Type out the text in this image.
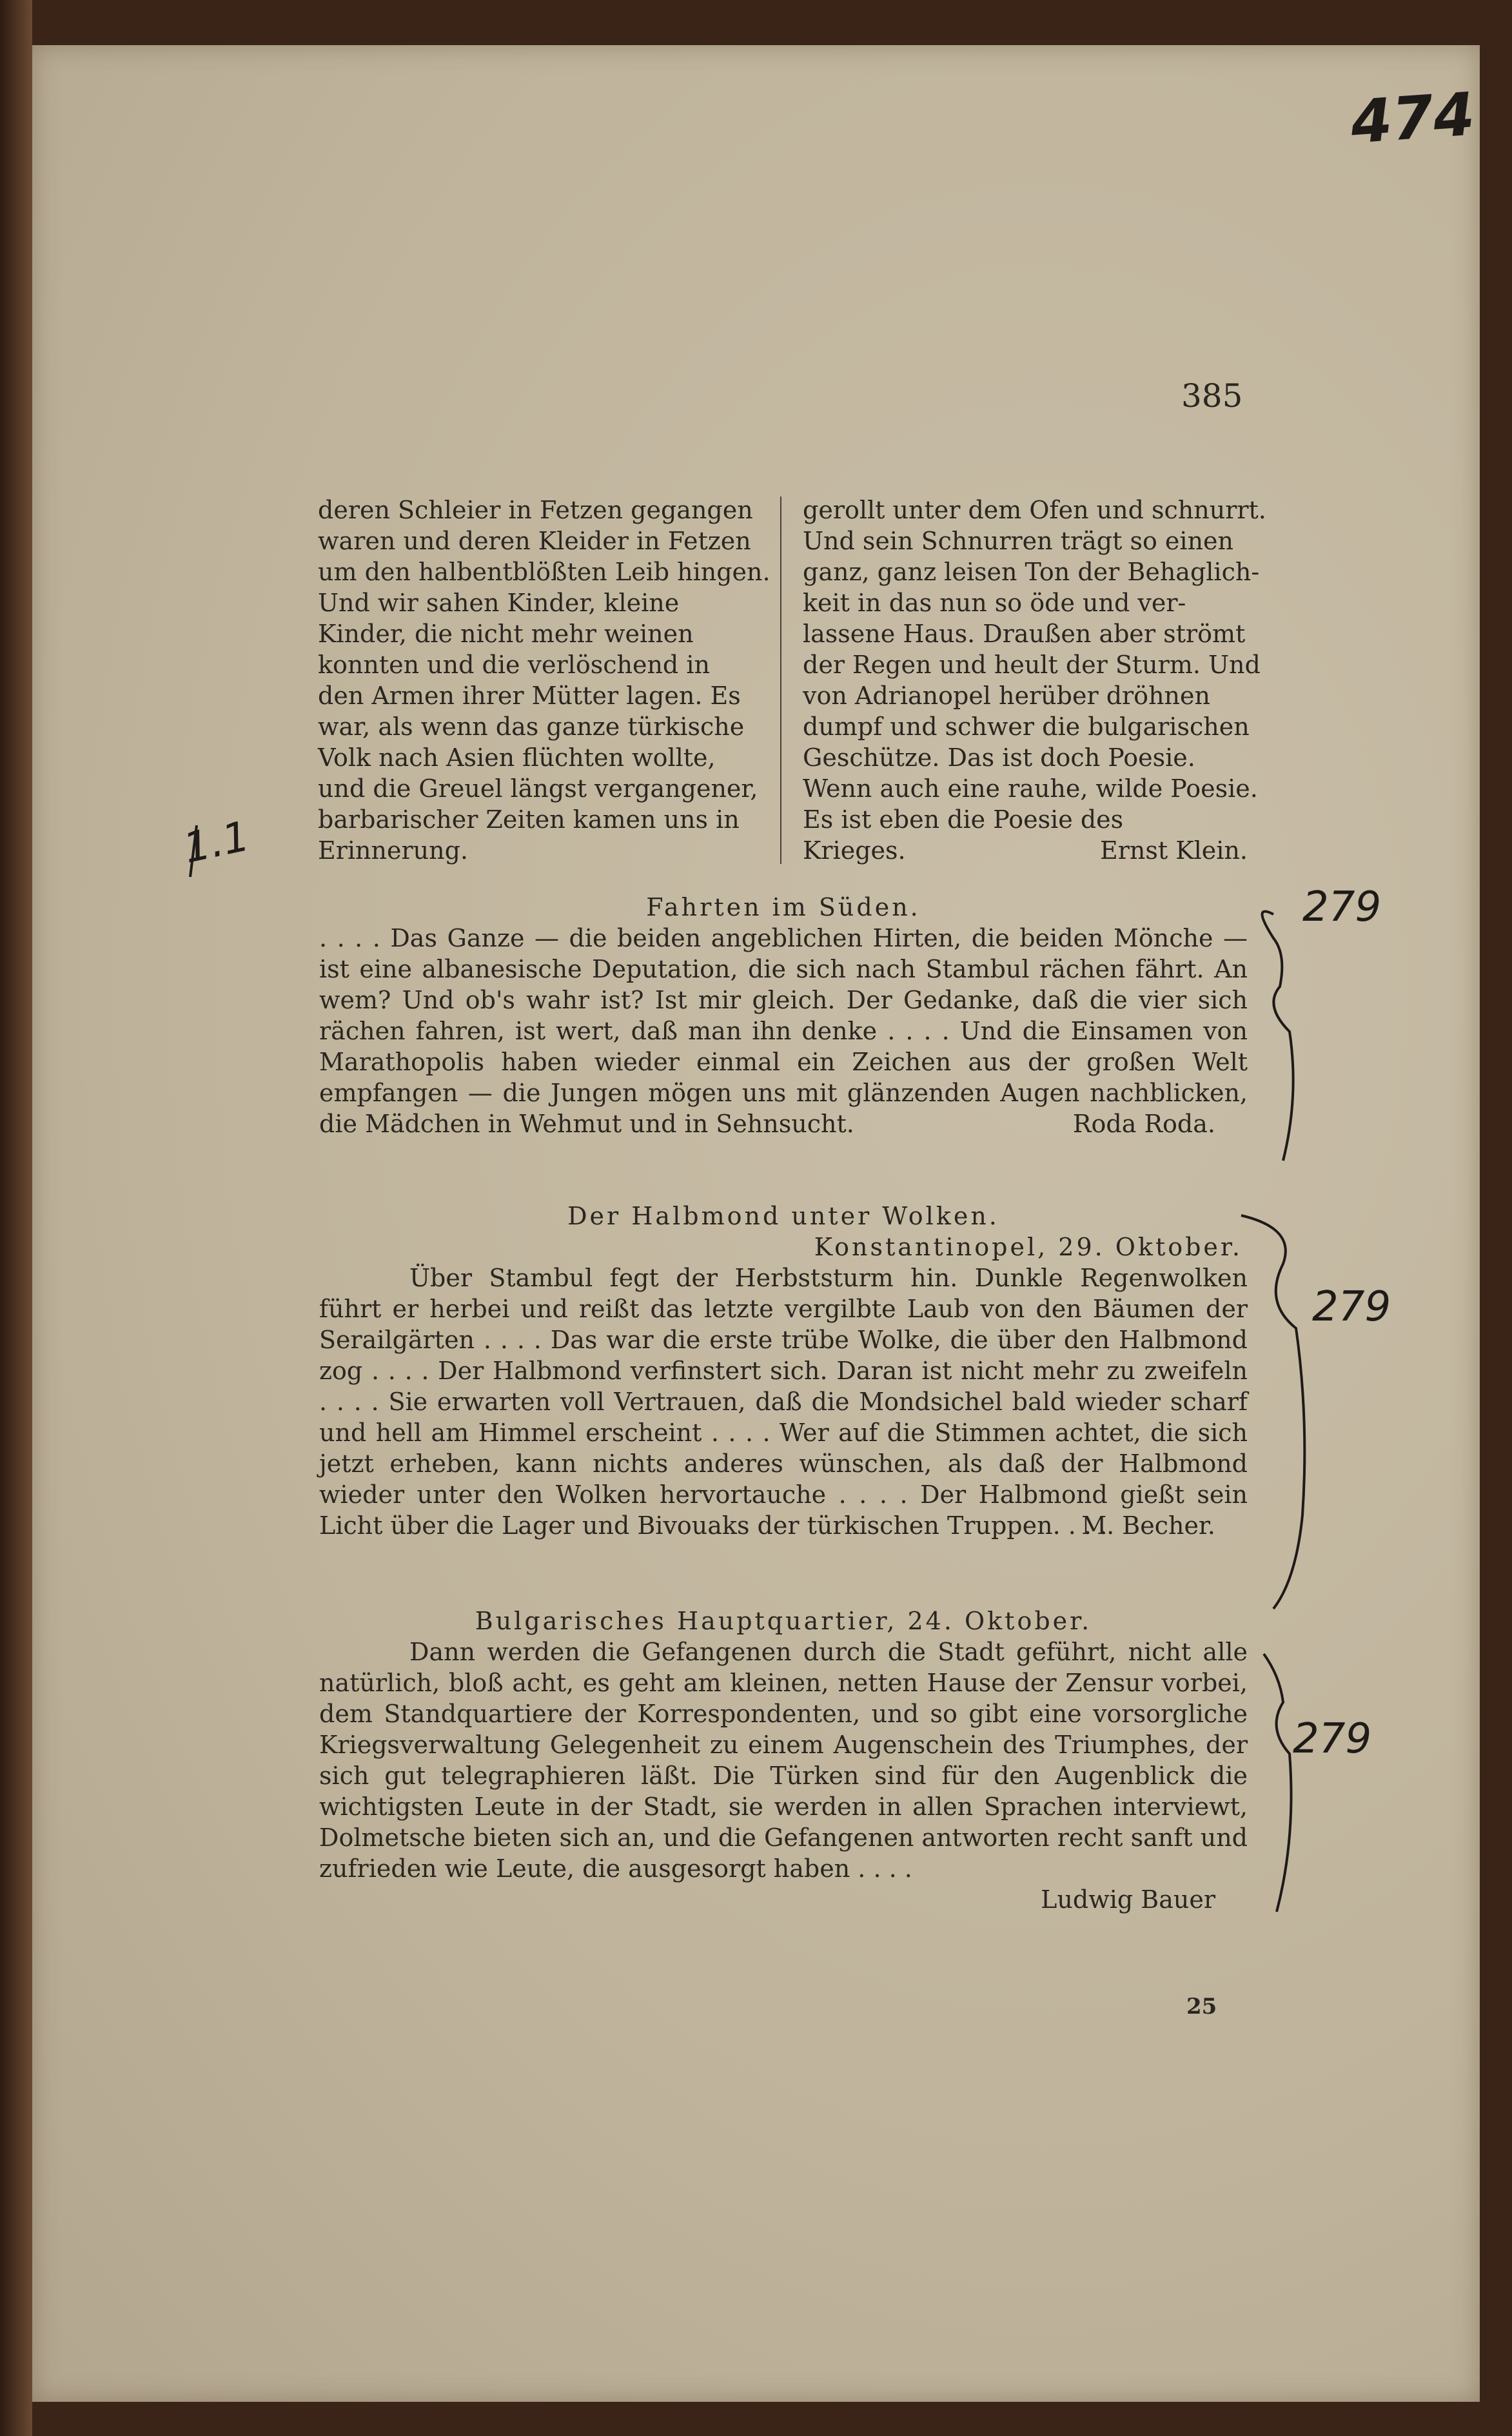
474
385
deren Schleier in Fetzen gegangen
waren und deren Kleider in Fetzen
um den halbentblößten Leib hingen.
Und wir sahen Kinder, kleine
Kinder, die nicht mehr weinen
konnten und die verlöschend in
den Armen ihrer Mütter lagen. Es
war, als wenn das ganze türkische
Volk nach Asien flüchten wollte,
und die Greuel längst vergangener,
barbarischer Zeiten kamen uns in
Erinnerung.
gerollt unter dem Ofen und schnurrt.
Und sein Schnurren trägt so einen
ganz, ganz leisen Ton der Behaglich-
keit in das nun so öde und ver-
lassene Haus. Draußen aber strömt
der Regen und heult der Sturm. Und
von Adrianopel herüber dröhnen
dumpf und schwer die bulgarischen
Geschütze. Das ist doch Poesie.
Wenn auch eine rauhe, wilde Poesie.
Es ist eben die Poesie des
Krieges.	Ernst Klein.
Fahrten im Süden.
. . . . Das Ganze — die beiden angeblichen Hirten, die beiden Mönche — ist eine albanesische Deputation, die sich nach Stambul rächen fährt. An wem? Und ob's wahr ist? Ist mir gleich. Der Gedanke, daß die vier sich rächen fahren, ist wert, daß man ihn denke . . . . Und die Einsamen von Marathopolis haben wieder einmal ein Zeichen aus der großen Welt empfangen — die Jungen mögen uns mit glänzenden Augen nachblicken, die Mädchen in Wehmut und in Sehnsucht.	Roda Roda.
Der Halbmond unter Wolken.
Konstantinopel, 29. Oktober.
Über Stambul fegt der Herbststurm hin. Dunkle Regenwolken führt er herbei und reißt das letzte vergilbte Laub von den Bäumen der Serailgärten . . . . Das war die erste trübe Wolke, die über den Halbmond zog . . . . Der Halbmond verfinstert sich. Daran ist nicht mehr zu zweifeln . . . . Sie erwarten voll Vertrauen, daß die Mondsichel bald wieder scharf und hell am Himmel erscheint . . . . Wer auf die Stimmen achtet, die sich jetzt erheben, kann nichts anderes wünschen, als daß der Halbmond wieder unter den Wolken hervortauche . . . . Der Halbmond gießt sein Licht über die Lager und Bivouaks der türkischen Truppen. . . .
M. Becher.
Bulgarisches Hauptquartier, 24. Oktober.
Dann werden die Gefangenen durch die Stadt geführt, nicht alle natürlich, bloß acht, es geht am kleinen, netten Hause der Zensur vorbei, dem Standquartiere der Korrespondenten, und so gibt eine vorsorgliche Kriegsverwaltung Gelegenheit zu einem Augenschein des Triumphes, der sich gut telegraphieren läßt. Die Türken sind für den Augenblick die wichtigsten Leute in der Stadt, sie werden in allen Sprachen interviewt, Dolmetsche bieten sich an, und die Gefangenen antworten recht sanft und zufrieden wie Leute, die ausgesorgt haben . . . .
Ludwig Bauer
25
1.1
279
279
279
